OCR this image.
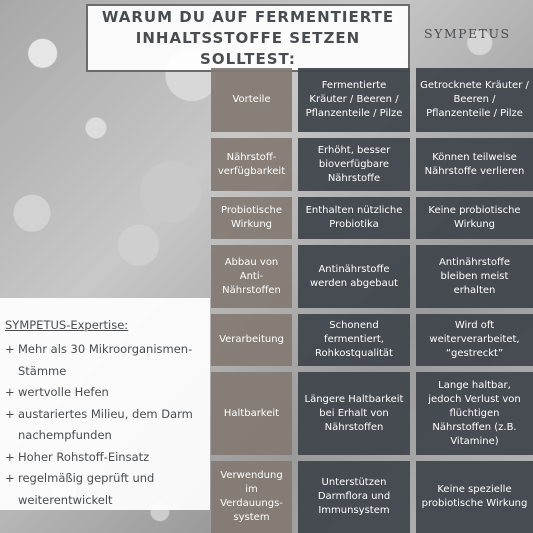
WARUM DU AUF FERMENTIERTE INHALTSSTOFFE SETZEN SOLLTEST:
SYMPETUS
Vorteile
Fermentierte Kräuter / Beeren / Pflanzenteile / Pilze
Getrocknete Kräuter / Beeren / Pflanzenteile / Pilze
Nährstoff-verfügbarkeit
Erhöht, besser bioverfügbare Nährstoffe
Können teilweise Nährstoffe verlieren
Probiotische Wirkung
Enthalten nützliche Probiotika
Keine probiotische Wirkung
Abbau von Anti-Nährstoffen
Antinährstoffe werden abgebaut
Antinährstoffe bleiben meist erhalten
Verarbeitung
Schonend fermentiert, Rohkostqualität
Wird oft weiterverarbeitet, “gestreckt”
Haltbarkeit
Längere Haltbarkeit bei Erhalt von Nährstoffen
Lange haltbar, jedoch Verlust von flüchtigen Nährstoffen (z.B. Vitamine)
Verwendung im Verdauungs-system
Unterstützen Darmflora und Immunsystem
Keine spezielle probiotische Wirkung
SYMPETUS-Expertise:
+ Mehr als 30 Mikroorganismen-Stämme
+ wertvolle Hefen
+ austariertes Milieu, dem Darm nachempfunden
+ Hoher Rohstoff-Einsatz
+ regelmäßig geprüft und weiterentwickelt
